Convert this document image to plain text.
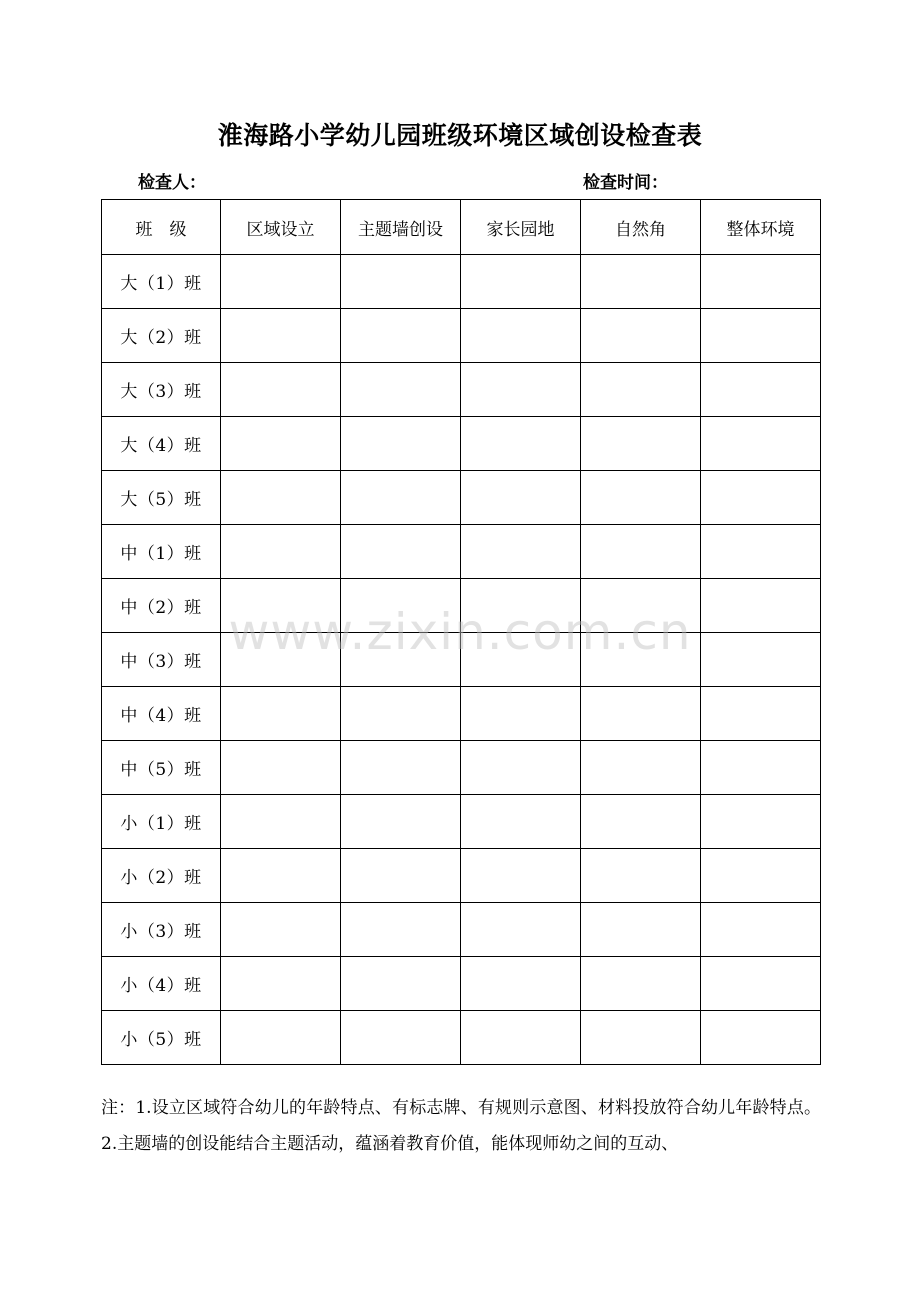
淮海路小学幼儿园班级环境区域创设检查表
检查人：	检查时间：
班　级	区域设立	主题墙创设	家长园地	自然角	整体环境
大（1）班					
大（2）班					
大（3）班					
大（4）班					
大（5）班					
中（1）班					
中（2）班					
中（3）班					
中（4）班					
中（5）班					
小（1）班					
小（2）班					
小（3）班					
小（4）班					
小（5）班					
www.zixin.com.cn
注：1.设立区域符合幼儿的年龄特点、有标志牌、有规则示意图、材料投放符合幼儿年龄特点。2.主题墙的创设能结合主题活动，蕴涵着教育价值，能体现师幼之间的互动、
